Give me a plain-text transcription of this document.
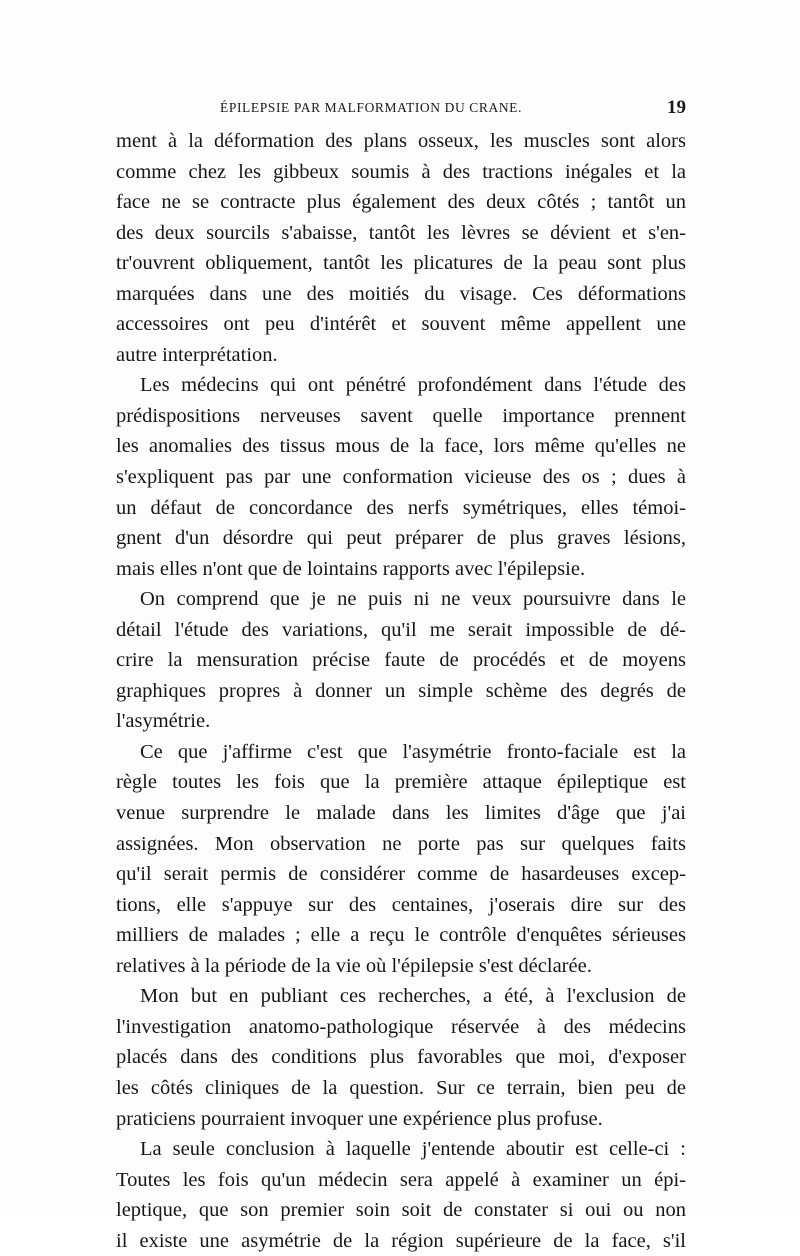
ÉPILEPSIE PAR MALFORMATION DU CRANE.	19
ment à la déformation des plans osseux, les muscles sont alors
comme chez les gibbeux soumis à des tractions inégales et la
face ne se contracte plus également des deux côtés ; tantôt un
des deux sourcils s'abaisse, tantôt les lèvres se dévient et s'en-
tr'ouvrent obliquement, tantôt les plicatures de la peau sont plus
marquées dans une des moitiés du visage. Ces déformations
accessoires ont peu d'intérêt et souvent même appellent une
autre interprétation.
Les médecins qui ont pénétré profondément dans l'étude des
prédispositions nerveuses savent quelle importance prennent
les anomalies des tissus mous de la face, lors même qu'elles ne
s'expliquent pas par une conformation vicieuse des os ; dues à
un défaut de concordance des nerfs symétriques, elles témoi-
gnent d'un désordre qui peut préparer de plus graves lésions,
mais elles n'ont que de lointains rapports avec l'épilepsie.
On comprend que je ne puis ni ne veux poursuivre dans le
détail l'étude des variations, qu'il me serait impossible de dé-
crire la mensuration précise faute de procédés et de moyens
graphiques propres à donner un simple schème des degrés de
l'asymétrie.
Ce que j'affirme c'est que l'asymétrie fronto-faciale est la
règle toutes les fois que la première attaque épileptique est
venue surprendre le malade dans les limites d'âge que j'ai
assignées. Mon observation ne porte pas sur quelques faits
qu'il serait permis de considérer comme de hasardeuses excep-
tions, elle s'appuye sur des centaines, j'oserais dire sur des
milliers de malades ; elle a reçu le contrôle d'enquêtes sérieuses
relatives à la période de la vie où l'épilepsie s'est déclarée.
Mon but en publiant ces recherches, a été, à l'exclusion de
l'investigation anatomo-pathologique réservée à des médecins
placés dans des conditions plus favorables que moi, d'exposer
les côtés cliniques de la question. Sur ce terrain, bien peu de
praticiens pourraient invoquer une expérience plus profuse.
La seule conclusion à laquelle j'entende aboutir est celle-ci :
Toutes les fois qu'un médecin sera appelé à examiner un épi-
leptique, que son premier soin soit de constater si oui ou non
il existe une asymétrie de la région supérieure de la face, s'il
